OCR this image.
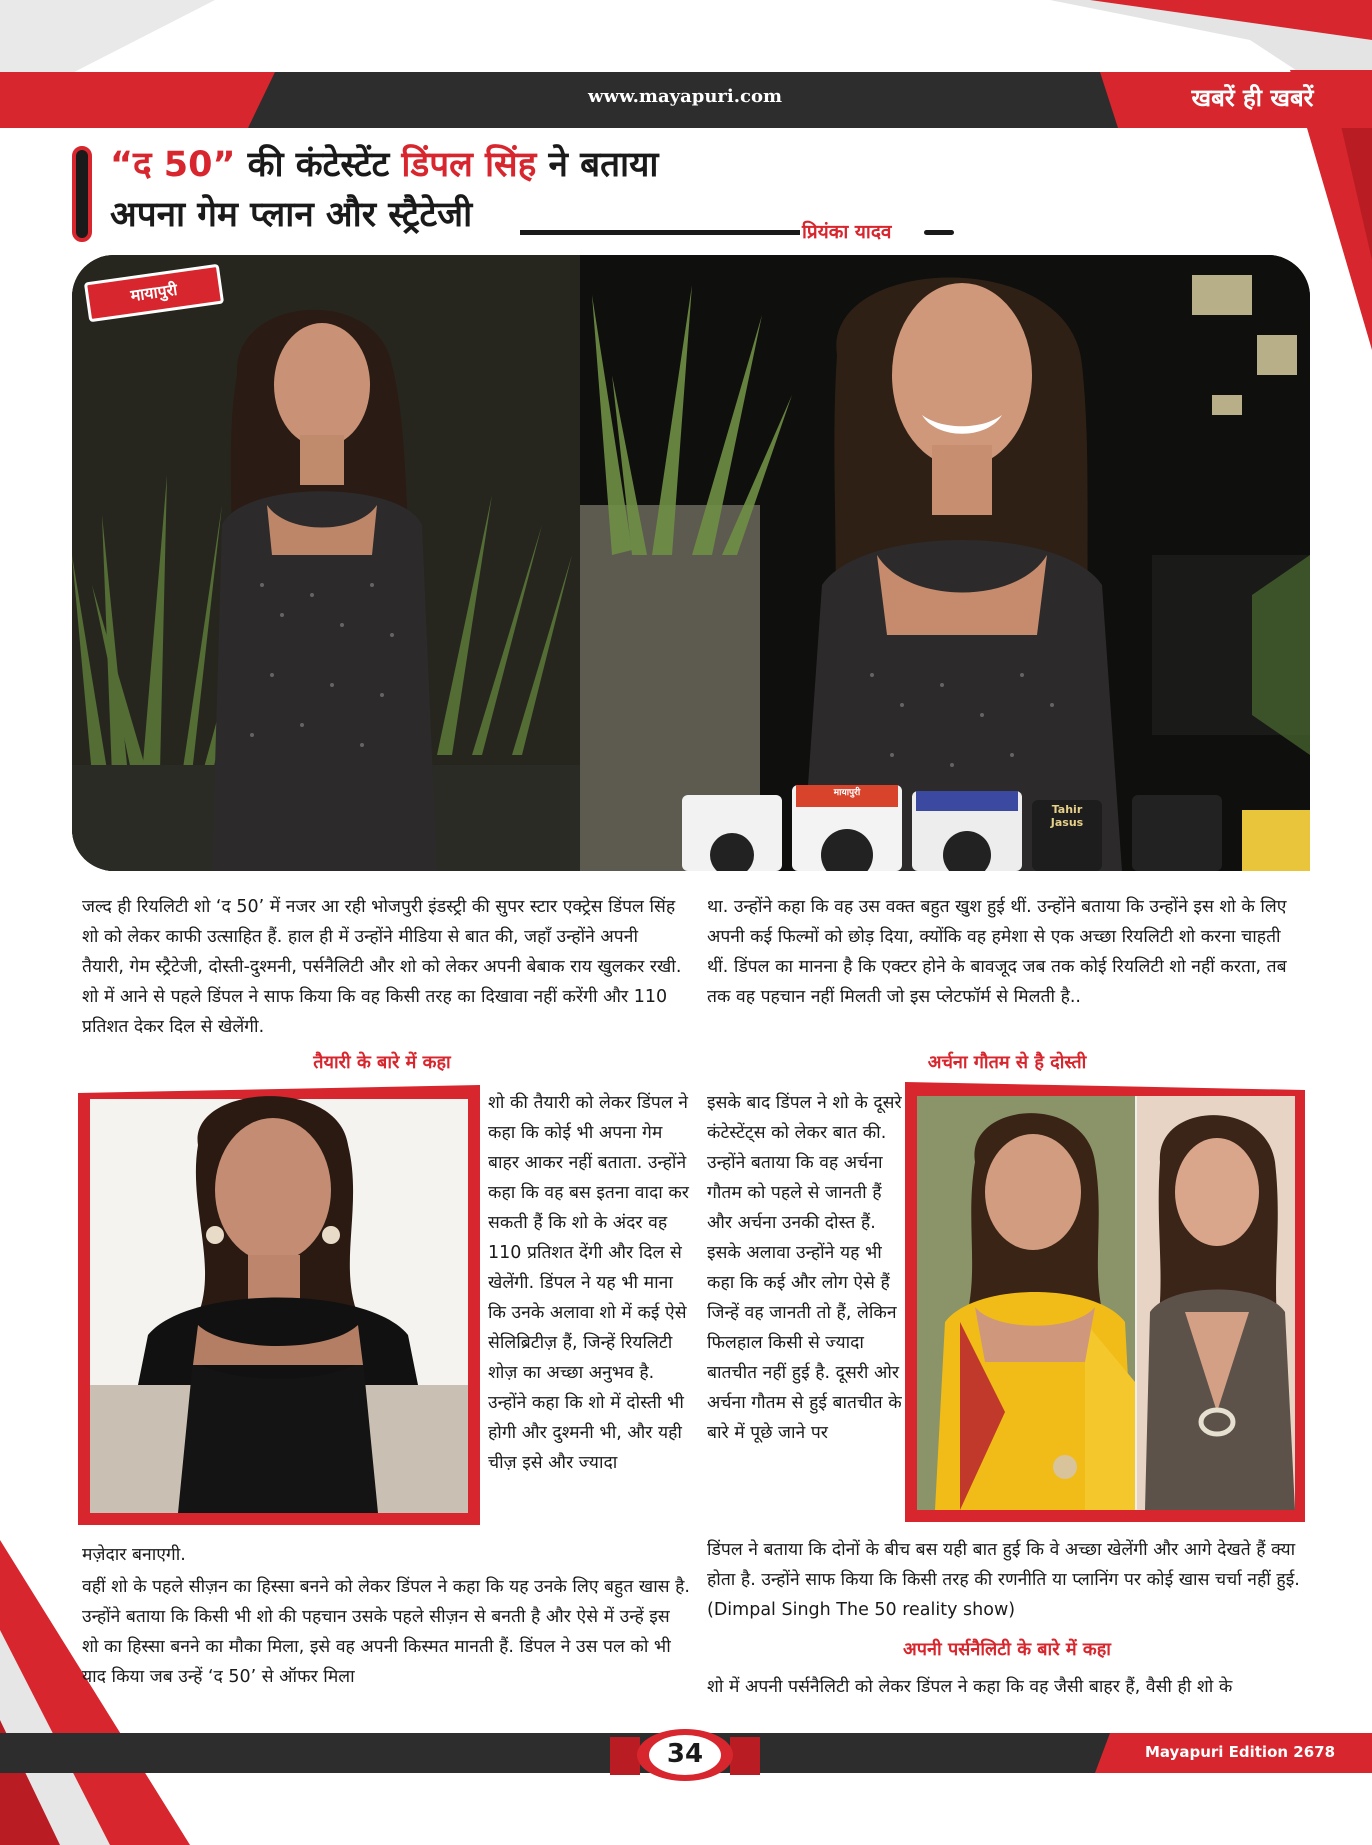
www.mayapuri.com	खबरें ही खबरें
“द 50” की कंटेस्टेंट डिंपल सिंह ने बताया
अपना गेम प्लान और स्ट्रैटेजी	प्रियंका यादव
मायापुरी
Tahir Jasus
मायापुरी

जल्द ही रियलिटी शो ‘द 50’ में नजर आ रही भोजपुरी इंडस्ट्री की सुपर स्टार एक्ट्रेस डिंपल सिंह शो को लेकर काफी उत्साहित हैं. हाल ही में उन्होंने मीडिया से बात की, जहाँ उन्होंने अपनी तैयारी, गेम स्ट्रैटेजी, दोस्ती-दुश्मनी, पर्सनैलिटी और शो को लेकर अपनी बेबाक राय खुलकर रखी. शो में आने से पहले डिंपल ने साफ किया कि वह किसी तरह का दिखावा नहीं करेंगी और 110 प्रतिशत देकर दिल से खेलेंगी.

था. उन्होंने कहा कि वह उस वक्त बहुत खुश हुई थीं. उन्होंने बताया कि उन्होंने इस शो के लिए अपनी कई फिल्मों को छोड़ दिया, क्योंकि वह हमेशा से एक अच्छा रियलिटी शो करना चाहती थीं. डिंपल का मानना है कि एक्टर होने के बावजूद जब तक कोई रियलिटी शो नहीं करता, तब तक वह पहचान नहीं मिलती जो इस प्लेटफॉर्म से मिलती है..

तैयारी के बारे में कहा

शो की तैयारी को लेकर डिंपल ने कहा कि कोई भी अपना गेम बाहर आकर नहीं बताता. उन्होंने कहा कि वह बस इतना वादा कर सकती हैं कि शो के अंदर वह 110 प्रतिशत देंगी और दिल से खेलेंगी. डिंपल ने यह भी माना कि उनके अलावा शो में कई ऐसे सेलिब्रिटीज़ हैं, जिन्हें रियलिटी शोज़ का अच्छा अनुभव है. उन्होंने कहा कि शो में दोस्ती भी होगी और दुश्मनी भी, और यही चीज़ इसे और ज्यादा

मज़ेदार बनाएगी.

वहीं शो के पहले सीज़न का हिस्सा बनने को लेकर डिंपल ने कहा कि यह उनके लिए बहुत खास है. उन्होंने बताया कि किसी भी शो की पहचान उसके पहले सीज़न से बनती है और ऐसे में उन्हें इस शो का हिस्सा बनने का मौका मिला, इसे वह अपनी किस्मत मानती हैं. डिंपल ने उस पल को भी याद किया जब उन्हें ‘द 50’ से ऑफर मिला

अर्चना गौतम से है दोस्ती

इसके बाद डिंपल ने शो के दूसरे कंटेस्टेंट्स को लेकर बात की. उन्होंने बताया कि वह अर्चना गौतम को पहले से जानती हैं और अर्चना उनकी दोस्त हैं. इसके अलावा उन्होंने यह भी कहा कि कई और लोग ऐसे हैं जिन्हें वह जानती तो हैं, लेकिन फिलहाल किसी से ज्यादा बातचीत नहीं हुई है. दूसरी ओर अर्चना गौतम से हुई बातचीत के बारे में पूछे जाने पर

डिंपल ने बताया कि दोनों के बीच बस यही बात हुई कि वे अच्छा खेलेंगी और आगे देखते हैं क्या होता है. उन्होंने साफ किया कि किसी तरह की रणनीति या प्लानिंग पर कोई खास चर्चा नहीं हुई. (Dimpal Singh The 50 reality show)

अपनी पर्सनैलिटी के बारे में कहा

शो में अपनी पर्सनैलिटी को लेकर डिंपल ने कहा कि वह जैसी बाहर हैं, वैसी ही शो के

Mayapuri Edition 2678
34
